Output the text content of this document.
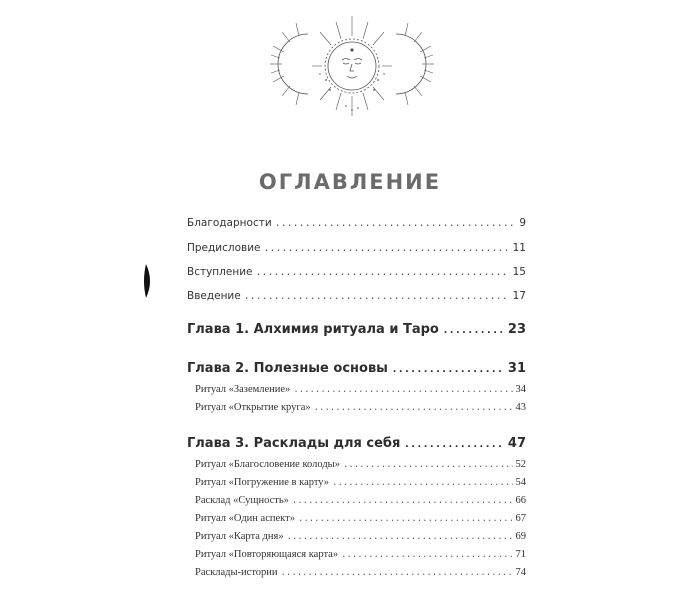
ОГЛАВЛЕНИЕ
Благодарности .....	9
Предисловие .....	11
Вступление .....	15
Введение .....	17
Глава 1. Алхимия ритуала и Таро .....	23
Глава 2. Полезные основы .....	31
Ритуал «Заземление» .....	34
Ритуал «Открытие круга» .....	43
Глава 3. Расклады для себя .....	47
Ритуал «Благословение колоды» .....	52
Ритуал «Погружение в карту» .....	54
Расклад «Сущность» .....	66
Ритуал «Один аспект» .....	67
Ритуал «Карта дня» .....	69
Ритуал «Повторяющаяся карта» .....	71
Расклады-истории .....	74
